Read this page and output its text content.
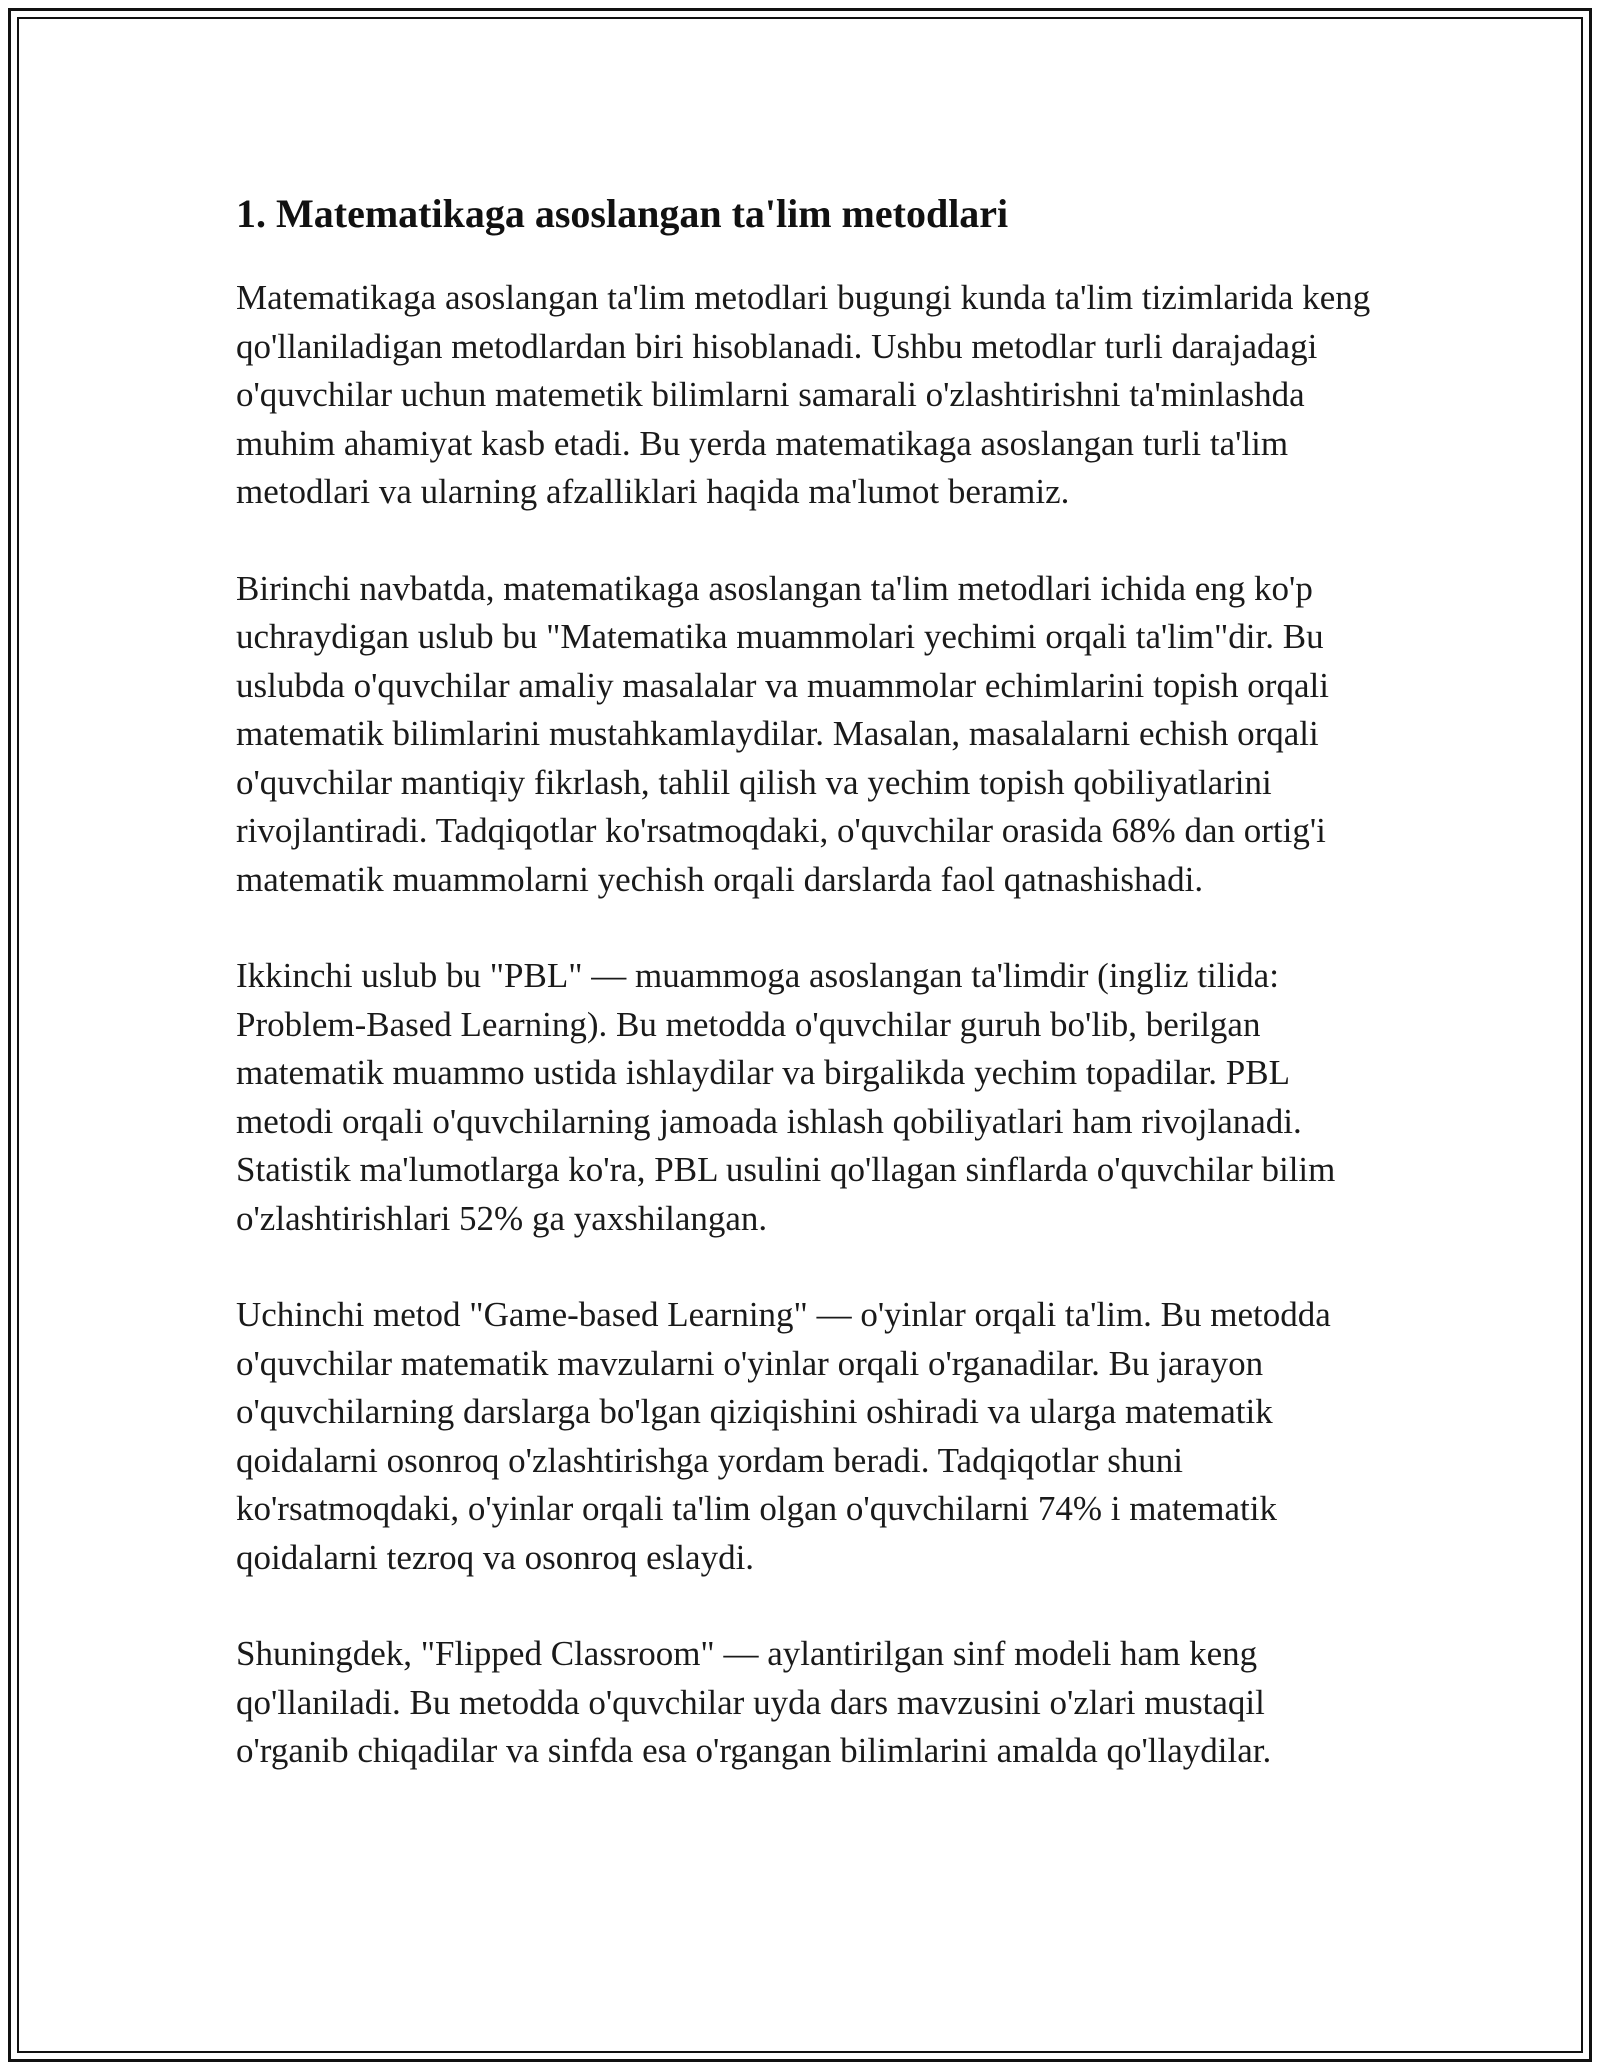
1. Matematikaga asoslangan ta'lim metodlari

Matematikaga asoslangan ta'lim metodlari bugungi kunda ta'lim tizimlarida keng qo'llaniladigan metodlardan biri hisoblanadi. Ushbu metodlar turli darajadagi o'quvchilar uchun matemetik bilimlarni samarali o'zlashtirishni ta'minlashda muhim ahamiyat kasb etadi. Bu yerda matematikaga asoslangan turli ta'lim metodlari va ularning afzalliklari haqida ma'lumot beramiz.

Birinchi navbatda, matematikaga asoslangan ta'lim metodlari ichida eng ko'p uchraydigan uslub bu "Matematika muammolari yechimi orqali ta'lim"dir. Bu uslubda o'quvchilar amaliy masalalar va muammolar echimlarini topish orqali matematik bilimlarini mustahkamlaydilar. Masalan, masalalarni echish orqali o'quvchilar mantiqiy fikrlash, tahlil qilish va yechim topish qobiliyatlarini rivojlantiradi. Tadqiqotlar ko'rsatmoqdaki, o'quvchilar orasida 68% dan ortig'i matematik muammolarni yechish orqali darslarda faol qatnashishadi.

Ikkinchi uslub bu "PBL" — muammoga asoslangan ta'limdir (ingliz tilida: Problem-Based Learning). Bu metodda o'quvchilar guruh bo'lib, berilgan matematik muammo ustida ishlaydilar va birgalikda yechim topadilar. PBL metodi orqali o'quvchilarning jamoada ishlash qobiliyatlari ham rivojlanadi. Statistik ma'lumotlarga ko'ra, PBL usulini qo'llagan sinflarda o'quvchilar bilim o'zlashtirishlari 52% ga yaxshilangan.

Uchinchi metod "Game-based Learning" — o'yinlar orqali ta'lim. Bu metodda o'quvchilar matematik mavzularni o'yinlar orqali o'rganadilar. Bu jarayon o'quvchilarning darslarga bo'lgan qiziqishini oshiradi va ularga matematik qoidalarni osonroq o'zlashtirishga yordam beradi. Tadqiqotlar shuni ko'rsatmoqdaki, o'yinlar orqali ta'lim olgan o'quvchilarni 74% i matematik qoidalarni tezroq va osonroq eslaydi.

Shuningdek, "Flipped Classroom" — aylantirilgan sinf modeli ham keng qo'llaniladi. Bu metodda o'quvchilar uyda dars mavzusini o'zlari mustaqil o'rganib chiqadilar va sinfda esa o'rgangan bilimlarini amalda qo'llaydilar.
